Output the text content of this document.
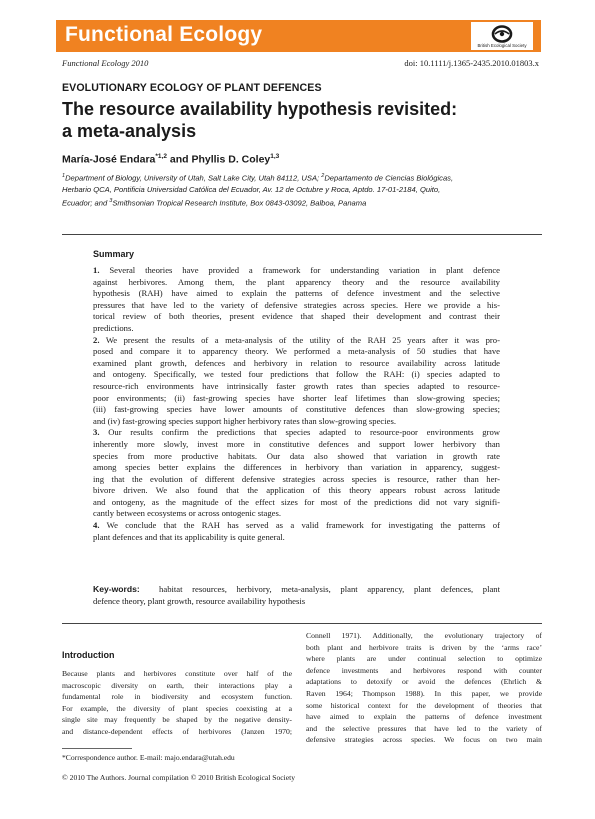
Functional Ecology	British Ecological Society
Functional Ecology 2010	doi: 10.1111/j.1365-2435.2010.01803.x
EVOLUTIONARY ECOLOGY OF PLANT DEFENCES
The resource availability hypothesis revisited:
a meta-analysis
María-José Endara$^{*1,2}$ and Phyllis D. Coley$^{1,3}$
$^1$Department of Biology, University of Utah, Salt Lake City, Utah 84112, USA; $^2$Departamento de Ciencias Biológicas,
Herbario QCA, Pontificia Universidad Católica del Ecuador, Av. 12 de Octubre y Roca, Aptdo. 17-01-2184, Quito,
Ecuador; and $^3$Smithsonian Tropical Research Institute, Box 0843-03092, Balboa, Panama
Summary
1. Several theories have provided a framework for understanding variation in plant defence
against herbivores. Among them, the plant apparency theory and the resource availability
hypothesis (RAH) have aimed to explain the patterns of defence investment and the selective
pressures that have led to the variety of defensive strategies across species. Here we provide a his-
torical review of both theories, present evidence that shaped their development and contrast their
predictions.
2. We present the results of a meta-analysis of the utility of the RAH 25 years after it was pro-
posed and compare it to apparency theory. We performed a meta-analysis of 50 studies that have
examined plant growth, defences and herbivory in relation to resource availability across latitude
and ontogeny. Specifically, we tested four predictions that follow the RAH: (i) species adapted to
resource-rich environments have intrinsically faster growth rates than species adapted to resource-
poor environments; (ii) fast-growing species have shorter leaf lifetimes than slow-growing species;
(iii) fast-growing species have lower amounts of constitutive defences than slow-growing species;
and (iv) fast-growing species support higher herbivory rates than slow-growing species.
3. Our results confirm the predictions that species adapted to resource-poor environments grow
inherently more slowly, invest more in constitutive defences and support lower herbivory than
species from more productive habitats. Our data also showed that variation in growth rate
among species better explains the differences in herbivory than variation in apparency, suggest-
ing that the evolution of different defensive strategies across species is resource, rather than her-
bivore driven. We also found that the application of this theory appears robust across latitude
and ontogeny, as the magnitude of the effect sizes for most of the predictions did not vary signifi-
cantly between ecosystems or across ontogenic stages.
4. We conclude that the RAH has served as a valid framework for investigating the patterns of
plant defences and that its applicability is quite general.
Key-words: habitat resources, herbivory, meta-analysis, plant apparency, plant defences, plant
defence theory, plant growth, resource availability hypothesis
Introduction
Because plants and herbivores constitute over half of the
macroscopic diversity on earth, their interactions play a
fundamental role in biodiversity and ecosystem function.
For example, the diversity of plant species coexisting at a
single site may frequently be shaped by the negative density-
and distance-dependent effects of herbivores (Janzen 1970;
Connell 1971). Additionally, the evolutionary trajectory of
both plant and herbivore traits is driven by the ‘arms race’
where plants are under continual selection to optimize
defence investments and herbivores respond with counter
adaptations to detoxify or avoid the defences (Ehrlich &
Raven 1964; Thompson 1988). In this paper, we provide
some historical context for the development of theories that
have aimed to explain the patterns of defence investment
and the selective pressures that have led to the variety of
defensive strategies across species. We focus on two main
*Correspondence author. E-mail: majo.endara@utah.edu
© 2010 The Authors. Journal compilation © 2010 British Ecological Society
